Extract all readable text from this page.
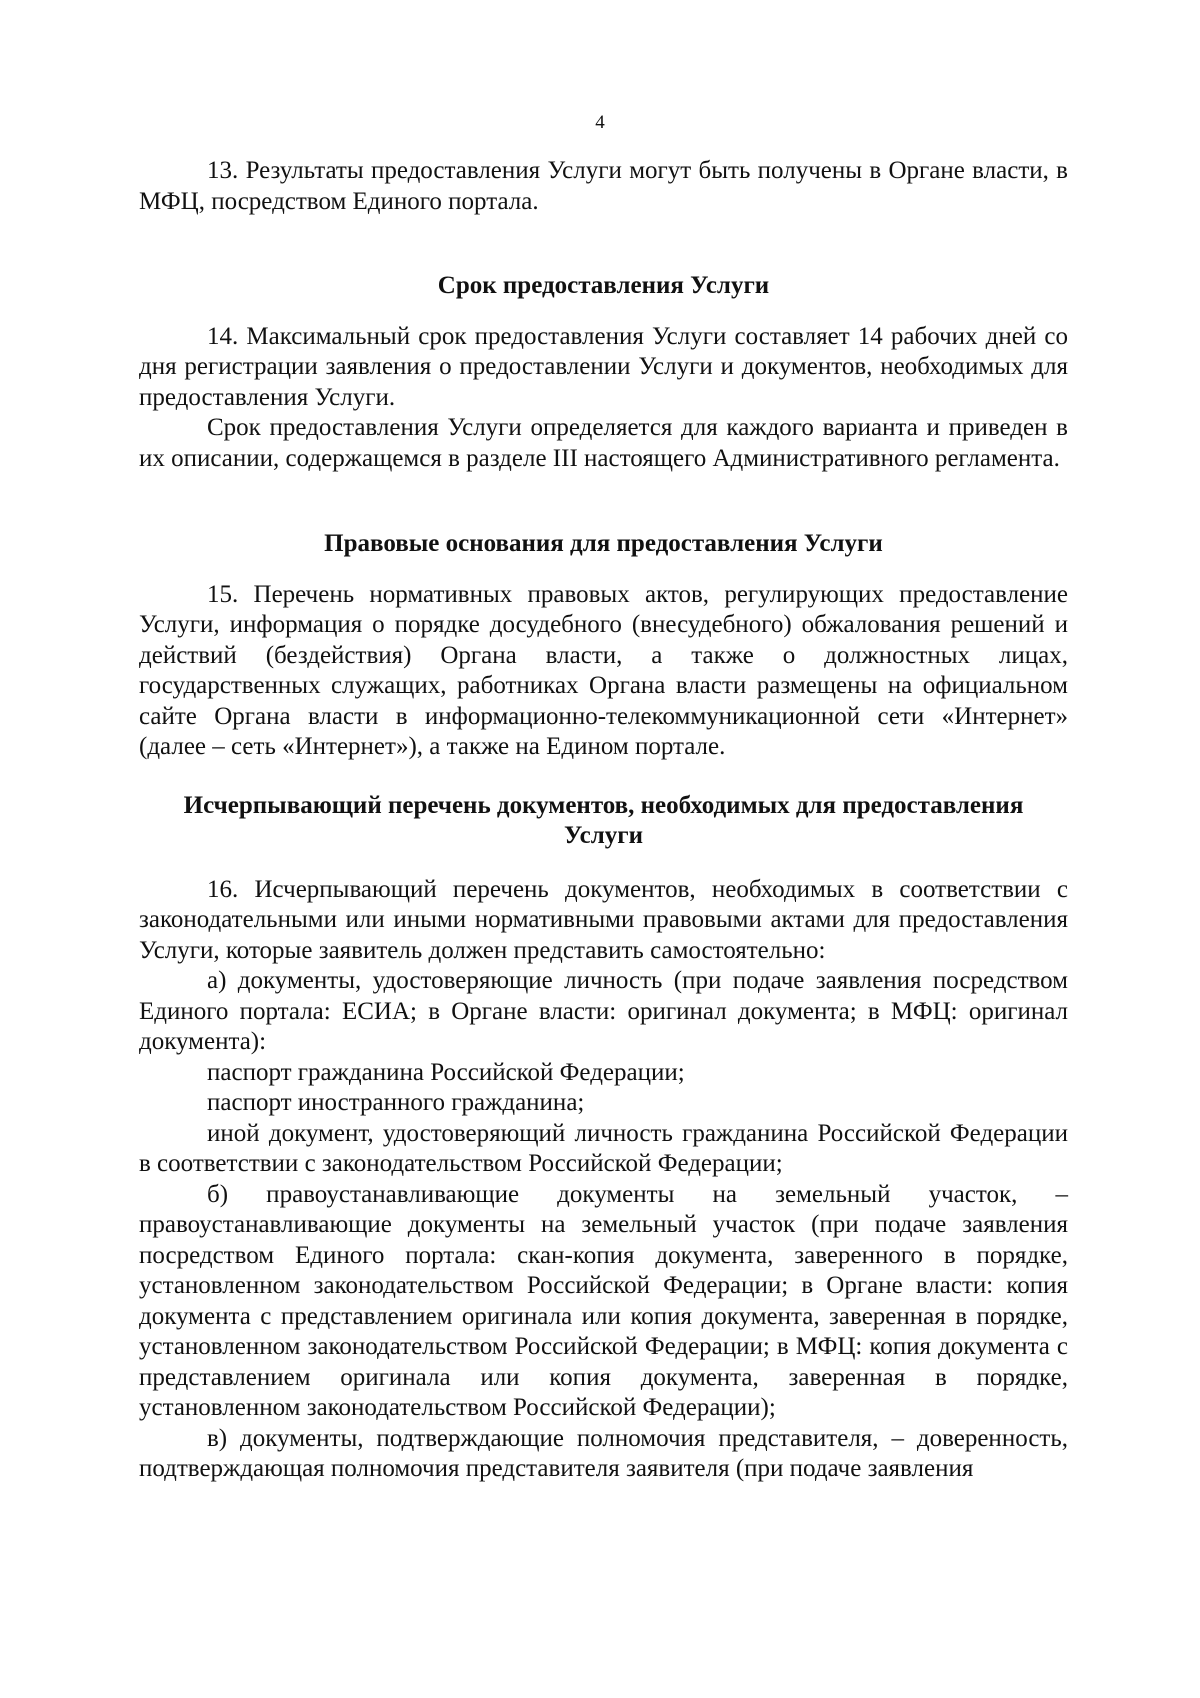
4

13. Результаты предоставления Услуги могут быть получены в Органе власти, в МФЦ, посредством Единого портала.

Срок предоставления Услуги

14. Максимальный срок предоставления Услуги составляет 14 рабочих дней со дня регистрации заявления о предоставлении Услуги и документов, необходимых для предоставления Услуги.

Срок предоставления Услуги определяется для каждого варианта и приведен в их описании, содержащемся в разделе III настоящего Административного регламента.

Правовые основания для предоставления Услуги

15. Перечень нормативных правовых актов, регулирующих предоставление Услуги, информация о порядке досудебного (внесудебного) обжалования решений и действий (бездействия) Органа власти, а также о должностных лицах, государственных служащих, работниках Органа власти размещены на официальном сайте Органа власти в информационно-телекоммуникационной сети «Интернет» (далее – сеть «Интернет»), а также на Едином портале.

Исчерпывающий перечень документов, необходимых для предоставления Услуги

16. Исчерпывающий перечень документов, необходимых в соответствии с законодательными или иными нормативными правовыми актами для предоставления Услуги, которые заявитель должен представить самостоятельно:

а) документы, удостоверяющие личность (при подаче заявления посредством Единого портала: ЕСИА; в Органе власти: оригинал документа; в МФЦ: оригинал документа):

паспорт гражданина Российской Федерации;

паспорт иностранного гражданина;

иной документ, удостоверяющий личность гражданина Российской Федерации в соответствии с законодательством Российской Федерации;

б) правоустанавливающие документы на земельный участок, – правоустанавливающие документы на земельный участок (при подаче заявления посредством Единого портала: скан-копия документа, заверенного в порядке, установленном законодательством Российской Федерации; в Органе власти: копия документа с представлением оригинала или копия документа, заверенная в порядке, установленном законодательством Российской Федерации; в МФЦ: копия документа с представлением оригинала или копия документа, заверенная в порядке, установленном законодательством Российской Федерации);

в) документы, подтверждающие полномочия представителя, – доверенность, подтверждающая полномочия представителя заявителя (при подаче заявления
